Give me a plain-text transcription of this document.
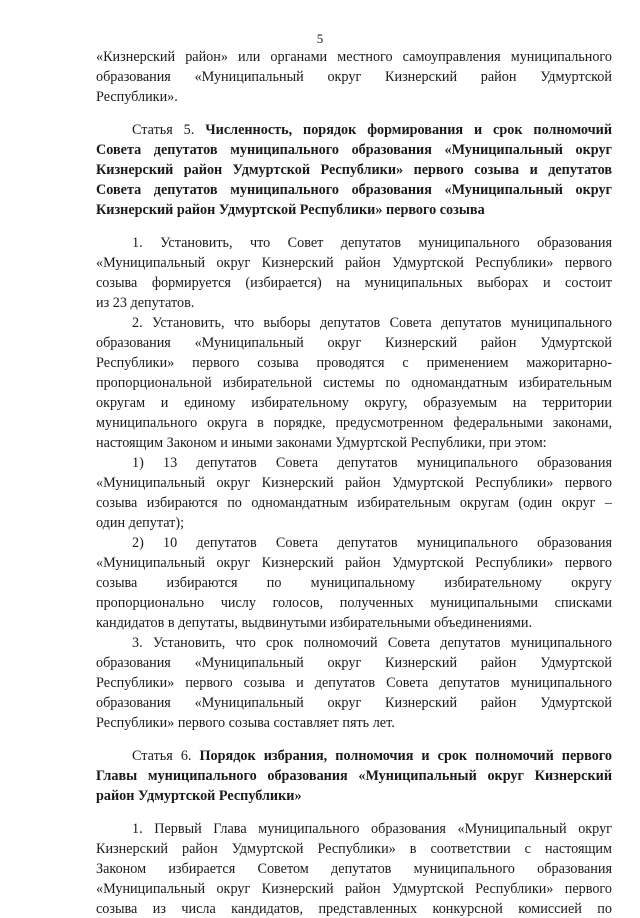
5
«Кизнерский район» или органами местного самоуправления муниципального
образования «Муниципальный округ Кизнерский район Удмуртской
Республики».
Статья 5. Численность, порядок формирования и срок полномочий
Совета депутатов муниципального образования «Муниципальный округ
Кизнерский район Удмуртской Республики» первого созыва и депутатов
Совета депутатов муниципального образования «Муниципальный округ
Кизнерский район Удмуртской Республики» первого созыва
1. Установить, что Совет депутатов муниципального образования
«Муниципальный округ Кизнерский район Удмуртской Республики» первого
созыва формируется (избирается) на муниципальных выборах и состоит
из 23 депутатов.
2. Установить, что выборы депутатов Совета депутатов муниципального
образования «Муниципальный округ Кизнерский район Удмуртской
Республики» первого созыва проводятся с применением мажоритарно-
пропорциональной избирательной системы по одномандатным избирательным
округам и единому избирательному округу, образуемым на территории
муниципального округа в порядке, предусмотренном федеральными законами,
настоящим Законом и иными законами Удмуртской Республики, при этом:
1) 13 депутатов Совета депутатов муниципального образования
«Муниципальный округ Кизнерский район Удмуртской Республики» первого
созыва избираются по одномандатным избирательным округам (один округ –
один депутат);
2) 10 депутатов Совета депутатов муниципального образования
«Муниципальный округ Кизнерский район Удмуртской Республики» первого
созыва избираются по муниципальному избирательному округу
пропорционально числу голосов, полученных муниципальными списками
кандидатов в депутаты, выдвинутыми избирательными объединениями.
3. Установить, что срок полномочий Совета депутатов муниципального
образования «Муниципальный округ Кизнерский район Удмуртской
Республики» первого созыва и депутатов Совета депутатов муниципального
образования «Муниципальный округ Кизнерский район Удмуртской
Республики» первого созыва составляет пять лет.
Статья 6. Порядок избрания, полномочия и срок полномочий первого
Главы муниципального образования «Муниципальный округ Кизнерский
район Удмуртской Республики»
1. Первый Глава муниципального образования «Муниципальный округ
Кизнерский район Удмуртской Республики» в соответствии с настоящим
Законом избирается Советом депутатов муниципального образования
«Муниципальный округ Кизнерский район Удмуртской Республики» первого
созыва из числа кандидатов, представленных конкурсной комиссией по
